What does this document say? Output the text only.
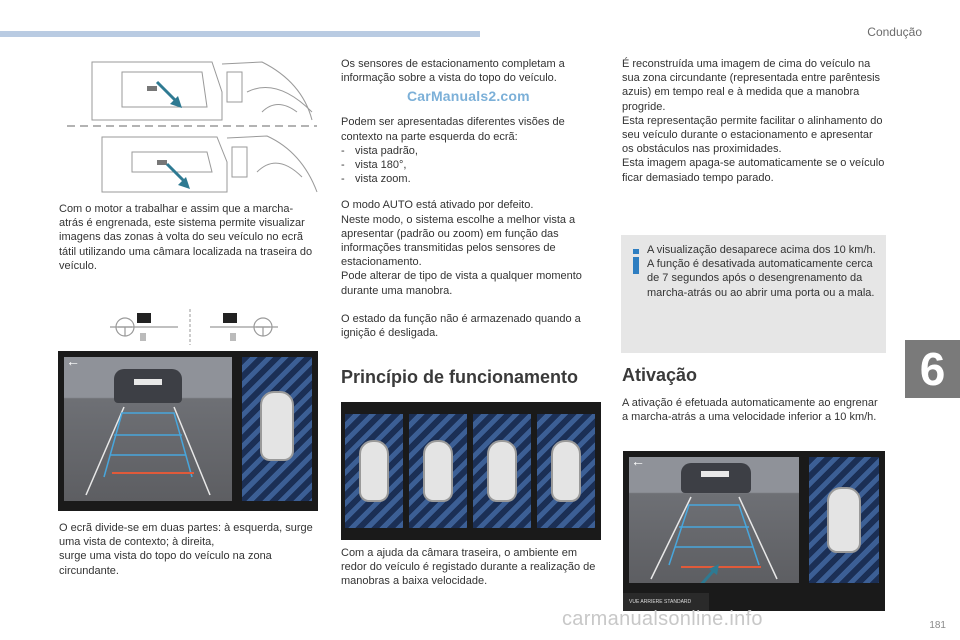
Condução
6
Com o motor a trabalhar e assim que a marcha-atrás é engrenada, este sistema permite visualizar imagens das zonas à volta do seu veículo no ecrã tátil utilizando uma câmara localizada na traseira do veículo.
←
O ecrã divide-se em duas partes: à esquerda, surge uma vista de contexto; à direita,
surge uma vista do topo do veículo na zona circundante.
CarManuals2.com

Os sensores de estacionamento completam a informação sobre a vista do topo do veículo.

Podem ser apresentadas diferentes visões de contexto na parte esquerda do ecrã:

- vista padrão,
- vista 180°,
- vista zoom.

O modo AUTO está ativado por defeito.
Neste modo, o sistema escolhe a melhor vista a apresentar (padrão ou zoom) em função das informações transmitidas pelos sensores de estacionamento.
Pode alterar de tipo de vista a qualquer momento durante uma manobra.

O estado da função não é armazenado quando a ignição é desligada.

Princípio de funcionamento
Com a ajuda da câmara traseira, o ambiente em redor do veículo é registado durante a realização de manobras a baixa velocidade.
É reconstruída uma imagem de cima do veículo na sua zona circundante (representada entre parêntesis azuis) em tempo real e à medida que a manobra progride.
Esta representação permite facilitar o alinhamento do seu veículo durante o estacionamento e apresentar os obstáculos nas proximidades.
Esta imagem apaga-se automaticamente se o veículo ficar demasiado tempo parado.
A visualização desaparece acima dos 10 km/h.
A função é desativada automaticamente cerca de 7 segundos após o desengrenamento da marcha-atrás ou ao abrir uma porta ou a mala.
Ativação
A ativação é efetuada automaticamente ao engrenar a marcha-atrás a uma velocidade inferior a 10 km/h.
←
VUE ARRIERE STANDARD
carmanualsonline.info	181
